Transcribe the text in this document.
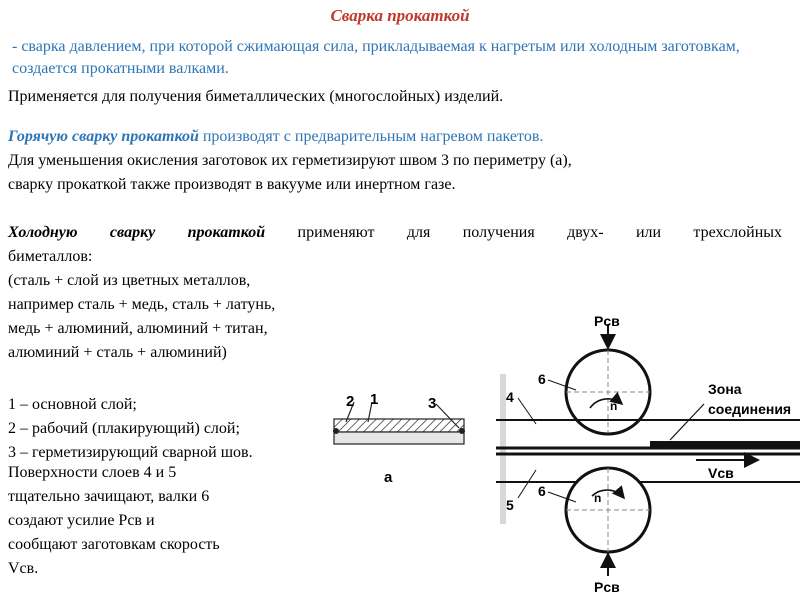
Сварка прокаткой
- сварка давлением, при которой сжимающая сила, прикладываемая к нагретым или холодным заготовкам, создается прокатными валками.
Применяется для получения биметаллических (многослойных) изделий.
Горячую сварку прокаткой производят с предварительным нагревом пакетов.
Для уменьшения окисления заготовок их герметизируют швом 3 по периметру (а),
сварку прокаткой также производят в вакууме или инертном газе.
Холодную сварку прокаткой применяют для получения двух- или трехслойных
биметаллов:
(сталь + слой из цветных металлов,
например сталь + медь, сталь + латунь,
медь + алюминий, алюминий + титан,
алюминий + сталь + алюминий)
1 – основной слой;
2 – рабочий (плакирующий) слой;
3 – герметизирующий сварной шов.
Поверхности слоев 4 и 5
тщательно зачищают, валки 6
создают усилие Pсв и
сообщают заготовкам скорость
Vсв.
2 1	3
а
Pсв
n
6
4
5
Зона
соединения
Vсв
n
6
Pсв
